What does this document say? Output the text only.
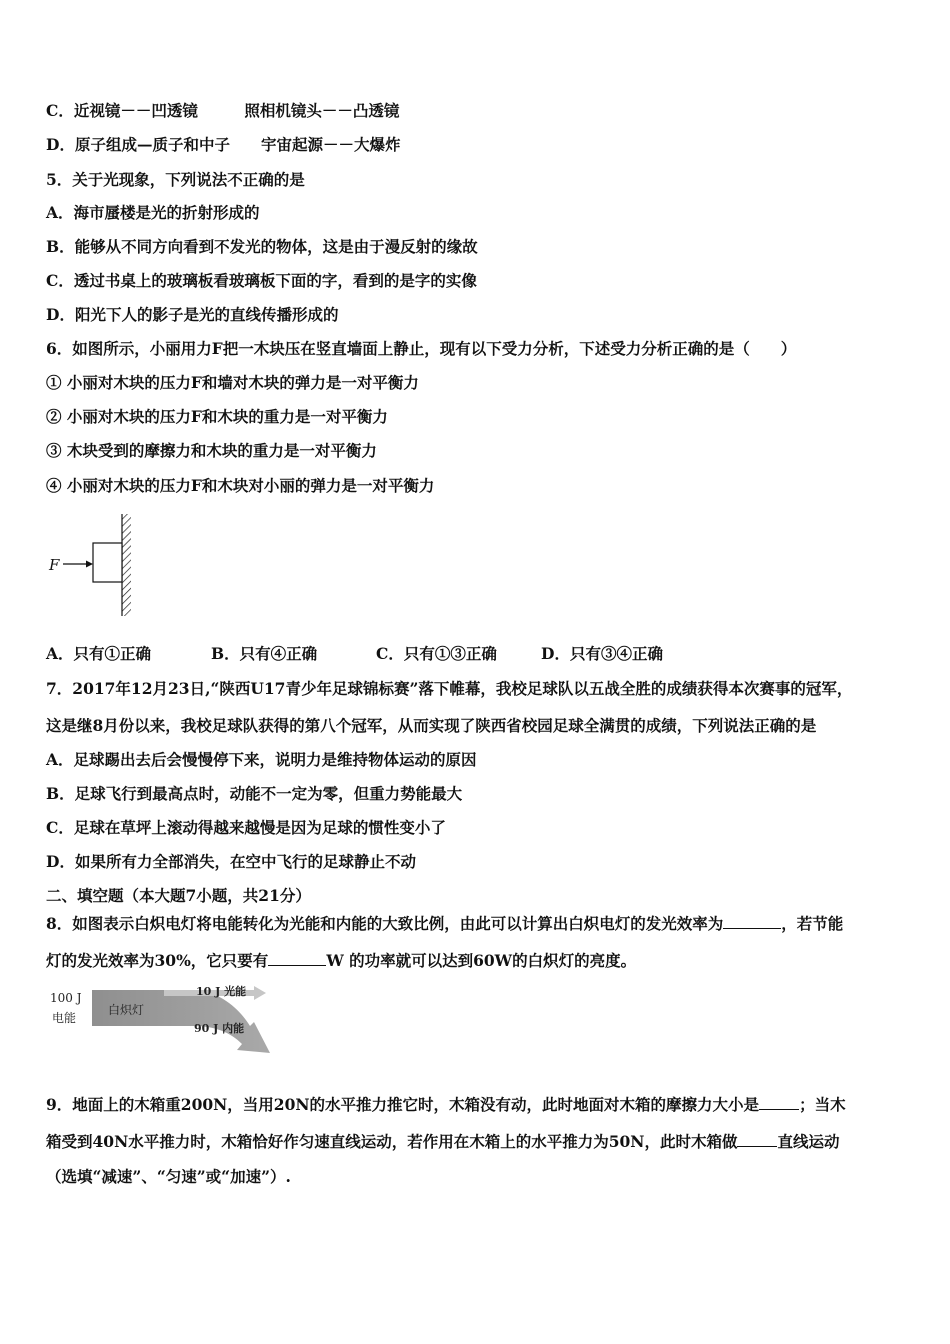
C．近视镜－－凹透镜　　　照相机镜头－－凸透镜
D．原子组成—质子和中子　　宇宙起源－－大爆炸
5．关于光现象，下列说法不正确的是
A．海市蜃楼是光的折射形成的
B．能够从不同方向看到不发光的物体，这是由于漫反射的缘故
C．透过书桌上的玻璃板看玻璃板下面的字，看到的是字的实像
D．阳光下人的影子是光的直线传播形成的
6．如图所示，小丽用力F把一木块压在竖直墙面上静止，现有以下受力分析，下述受力分析正确的是（　　）
① 小丽对木块的压力F和墙对木块的弹力是一对平衡力
② 小丽对木块的压力F和木块的重力是一对平衡力
③ 木块受到的摩擦力和木块的重力是一对平衡力
④ 小丽对木块的压力F和木块对小丽的弹力是一对平衡力
F
A．只有①正确	B．只有④正确	C．只有①③正确	D．只有③④正确
7．2017年12月23日,“陕西U17青少年足球锦标赛”落下帷幕，我校足球队以五战全胜的成绩获得本次赛事的冠军，
这是继8月份以来，我校足球队获得的第八个冠军，从而实现了陕西省校园足球全满贯的成绩，下列说法正确的是
A．足球踢出去后会慢慢停下来，说明力是维持物体运动的原因
B．足球飞行到最高点时，动能不一定为零，但重力势能最大
C．足球在草坪上滚动得越来越慢是因为足球的惯性变小了
D．如果所有力全部消失，在空中飞行的足球静止不动
二、填空题（本大题7小题，共21分）
8．如图表示白炽电灯将电能转化为光能和内能的大致比例，由此可以计算出白炽电灯的发光效率为	，若节能
灯的发光效率为30%，它只要有	W 的功率就可以达到60W的白炽灯的亮度。
100 J
电能
白炽灯
10 J 光能
90 J 内能
9．地面上的木箱重200N，当用20N的水平推力推它时，木箱没有动，此时地面对木箱的摩擦力大小是	；当木
箱受到40N水平推力时，木箱恰好作匀速直线运动，若作用在木箱上的水平推力为50N，此时木箱做	直线运动
（选填“减速”、“匀速”或“加速”）.
